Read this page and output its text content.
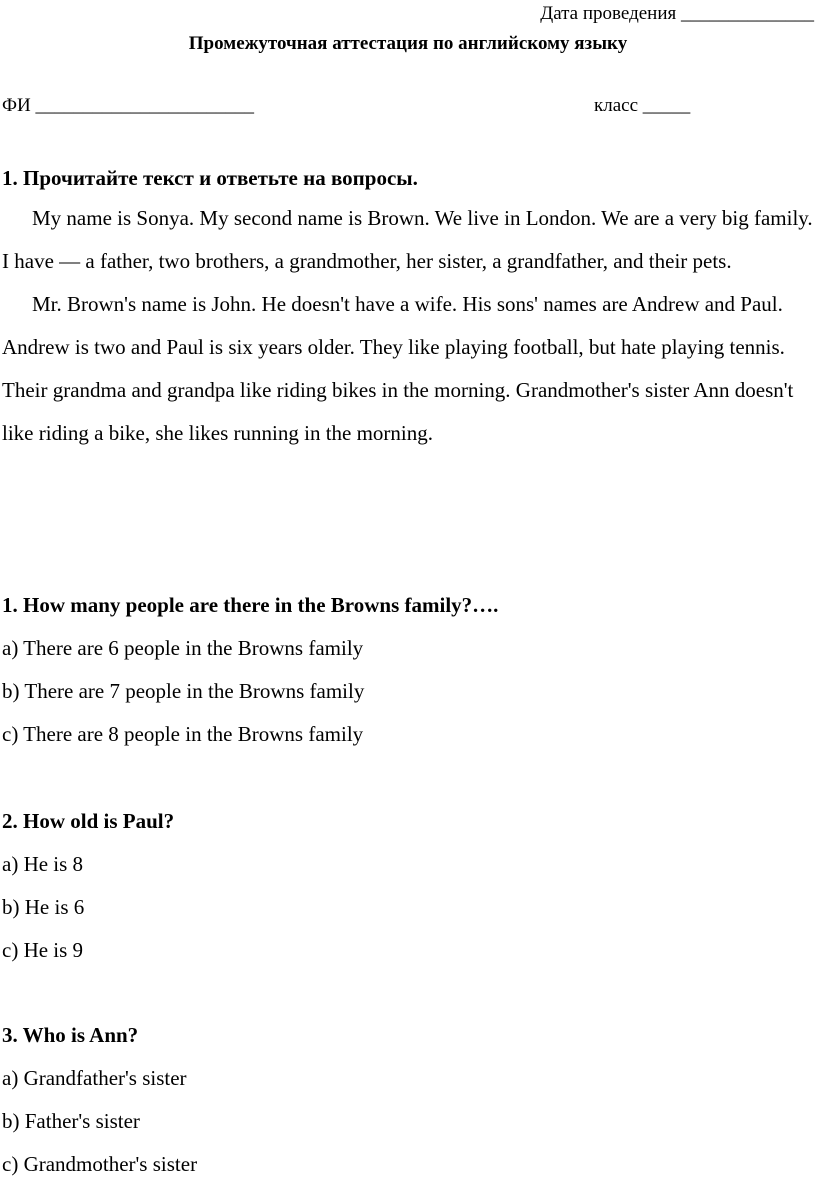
Дата проведения ______________
Промежуточная аттестация по английскому языку
ФИ _______________________	класс _____
1. Прочитайте текст и ответьте на вопросы.

My name is Sonya. My second name is Brown. We live in London. We are a very big family. I have — a father, two brothers, a grandmother, her sister, a grandfather, and their pets.

Mr. Brown's name is John. He doesn't have a wife. His sons' names are Andrew and Paul. Andrew is two and Paul is six years older. They like playing football, but hate playing tennis. Their grandma and grandpa like riding bikes in the morning. Grandmother's sister Ann doesn't like riding a bike, she likes running in the morning.

1. How many people are there in the Browns family?….
a) There are 6 people in the Browns family
b) There are 7 people in the Browns family
c) There are 8 people in the Browns family
2. How old is Paul?
a) He is 8
b) He is 6
c) He is 9
3. Who is Ann?
a) Grandfather's sister
b) Father's sister
c) Grandmother's sister
